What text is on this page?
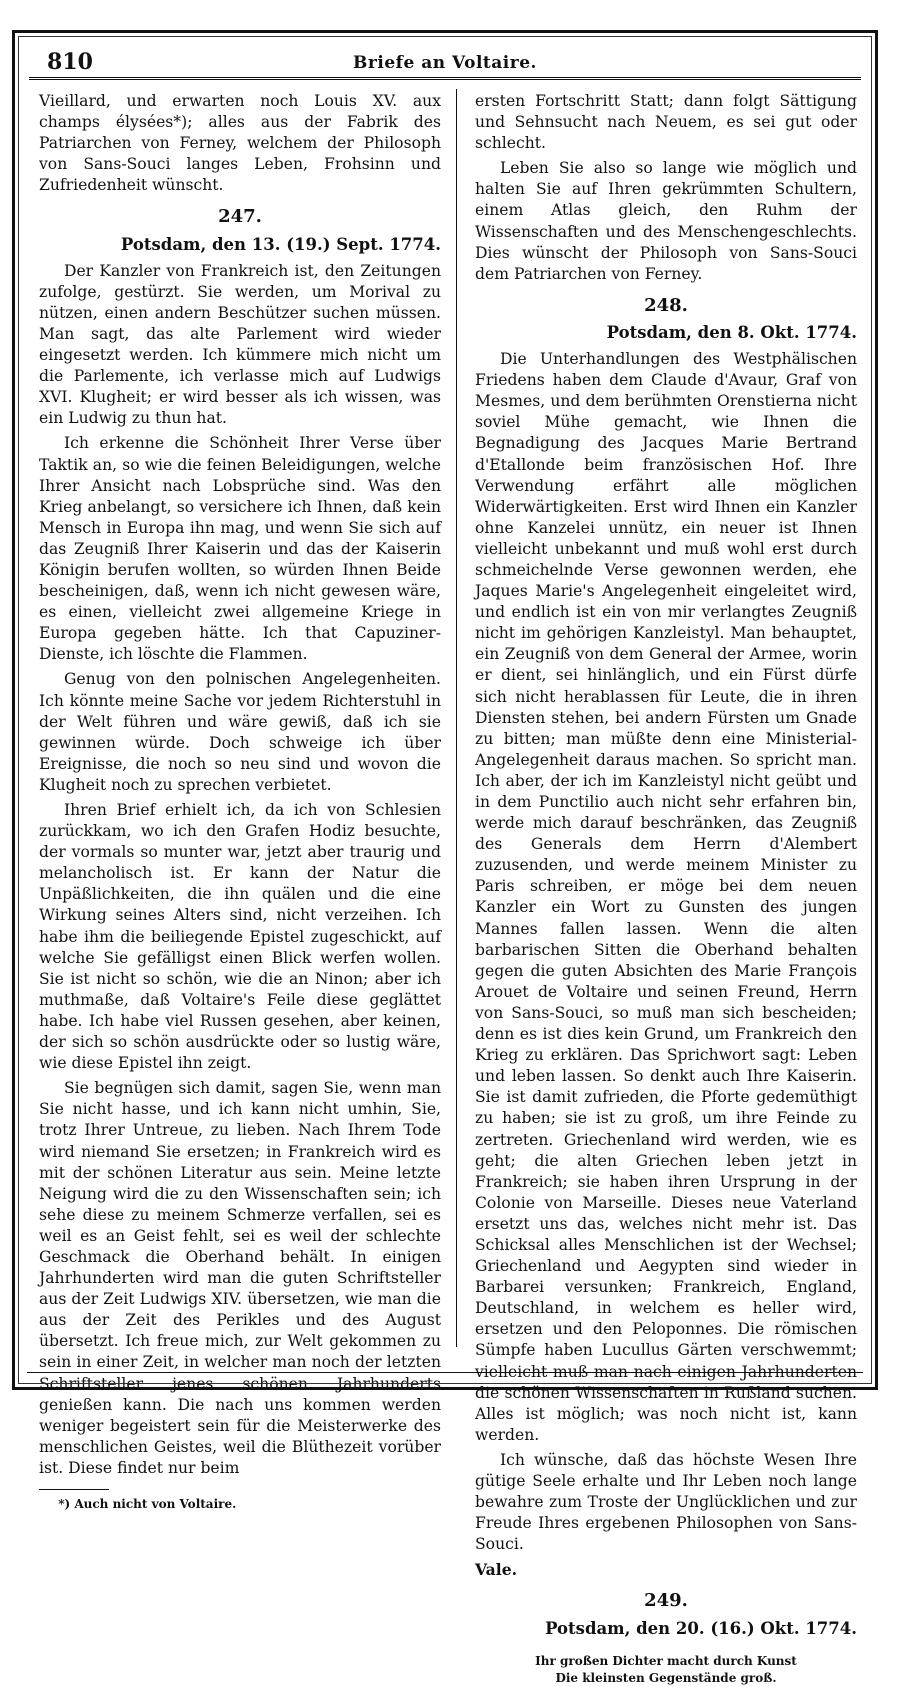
810	Briefe an Voltaire.

Vieillard, und erwarten noch Louis XV. aux champs élysées*); alles aus der Fabrik des Patriarchen von Ferney, welchem der Philosoph von Sans-Souci langes Leben, Frohsinn und Zufriedenheit wünscht.

247.
Potsdam, den 13. (19.) Sept. 1774.

Der Kanzler von Frankreich ist, den Zeitungen zufolge, gestürzt. Sie werden, um Morival zu nützen, einen andern Beschützer suchen müssen. Man sagt, das alte Parlement wird wieder eingesetzt werden. Ich kümmere mich nicht um die Parlemente, ich verlasse mich auf Ludwigs XVI. Klugheit; er wird besser als ich wissen, was ein Ludwig zu thun hat.

Ich erkenne die Schönheit Ihrer Verse über Taktik an, so wie die feinen Beleidigungen, welche Ihrer Ansicht nach Lobsprüche sind. Was den Krieg anbelangt, so versichere ich Ihnen, daß kein Mensch in Europa ihn mag, und wenn Sie sich auf das Zeugniß Ihrer Kaiserin und das der Kaiserin Königin berufen wollten, so würden Ihnen Beide bescheinigen, daß, wenn ich nicht gewesen wäre, es einen, vielleicht zwei allgemeine Kriege in Europa gegeben hätte. Ich that Capuziner-Dienste, ich löschte die Flammen.

Genug von den polnischen Angelegenheiten. Ich könnte meine Sache vor jedem Richterstuhl in der Welt führen und wäre gewiß, daß ich sie gewinnen würde. Doch schweige ich über Ereignisse, die noch so neu sind und wovon die Klugheit noch zu sprechen verbietet.

Ihren Brief erhielt ich, da ich von Schlesien zurückkam, wo ich den Grafen Hodiz besuchte, der vormals so munter war, jetzt aber traurig und melancholisch ist. Er kann der Natur die Unpäßlichkeiten, die ihn quälen und die eine Wirkung seines Alters sind, nicht verzeihen. Ich habe ihm die beiliegende Epistel zugeschickt, auf welche Sie gefälligst einen Blick werfen wollen. Sie ist nicht so schön, wie die an Ninon; aber ich muthmaße, daß Voltaire's Feile diese geglättet habe. Ich habe viel Russen gesehen, aber keinen, der sich so schön ausdrückte oder so lustig wäre, wie diese Epistel ihn zeigt.

Sie begnügen sich damit, sagen Sie, wenn man Sie nicht hasse, und ich kann nicht umhin, Sie, trotz Ihrer Untreue, zu lieben. Nach Ihrem Tode wird niemand Sie ersetzen; in Frankreich wird es mit der schönen Literatur aus sein. Meine letzte Neigung wird die zu den Wissenschaften sein; ich sehe diese zu meinem Schmerze verfallen, sei es weil es an Geist fehlt, sei es weil der schlechte Geschmack die Oberhand behält. In einigen Jahrhunderten wird man die guten Schriftsteller aus der Zeit Ludwigs XIV. übersetzen, wie man die aus der Zeit des Perikles und des August übersetzt. Ich freue mich, zur Welt gekommen zu sein in einer Zeit, in welcher man noch der letzten Schriftsteller jenes schönen Jahrhunderts genießen kann. Die nach uns kommen werden weniger begeistert sein für die Meisterwerke des menschlichen Geistes, weil die Blüthezeit vorüber ist. Diese findet nur beim

*) Auch nicht von Voltaire.

ersten Fortschritt Statt; dann folgt Sättigung und Sehnsucht nach Neuem, es sei gut oder schlecht.

Leben Sie also so lange wie möglich und halten Sie auf Ihren gekrümmten Schultern, einem Atlas gleich, den Ruhm der Wissenschaften und des Menschengeschlechts. Dies wünscht der Philosoph von Sans-Souci dem Patriarchen von Ferney.

248.
Potsdam, den 8. Okt. 1774.

Die Unterhandlungen des Westphälischen Friedens haben dem Claude d'Avaur, Graf von Mesmes, und dem berühmten Orenstierna nicht soviel Mühe gemacht, wie Ihnen die Begnadigung des Jacques Marie Bertrand d'Etallonde beim französischen Hof. Ihre Verwendung erfährt alle möglichen Widerwärtigkeiten. Erst wird Ihnen ein Kanzler ohne Kanzelei unnütz, ein neuer ist Ihnen vielleicht unbekannt und muß wohl erst durch schmeichelnde Verse gewonnen werden, ehe Jaques Marie's Angelegenheit eingeleitet wird, und endlich ist ein von mir verlangtes Zeugniß nicht im gehörigen Kanzleistyl. Man behauptet, ein Zeugniß von dem General der Armee, worin er dient, sei hinlänglich, und ein Fürst dürfe sich nicht herablassen für Leute, die in ihren Diensten stehen, bei andern Fürsten um Gnade zu bitten; man müßte denn eine Ministerial-Angelegenheit daraus machen. So spricht man. Ich aber, der ich im Kanzleistyl nicht geübt und in dem Punctilio auch nicht sehr erfahren bin, werde mich darauf beschränken, das Zeugniß des Generals dem Herrn d'Alembert zuzusenden, und werde meinem Minister zu Paris schreiben, er möge bei dem neuen Kanzler ein Wort zu Gunsten des jungen Mannes fallen lassen. Wenn die alten barbarischen Sitten die Oberhand behalten gegen die guten Absichten des Marie François Arouet de Voltaire und seinen Freund, Herrn von Sans-Souci, so muß man sich bescheiden; denn es ist dies kein Grund, um Frankreich den Krieg zu erklären. Das Sprichwort sagt: Leben und leben lassen. So denkt auch Ihre Kaiserin. Sie ist damit zufrieden, die Pforte gedemüthigt zu haben; sie ist zu groß, um ihre Feinde zu zertreten. Griechenland wird werden, wie es geht; die alten Griechen leben jetzt in Frankreich; sie haben ihren Ursprung in der Colonie von Marseille. Dieses neue Vaterland ersetzt uns das, welches nicht mehr ist. Das Schicksal alles Menschlichen ist der Wechsel; Griechenland und Aegypten sind wieder in Barbarei versunken; Frankreich, England, Deutschland, in welchem es heller wird, ersetzen und den Peloponnes. Die römischen Sümpfe haben Lucullus Gärten verschwemmt; vielleicht muß man nach einigen Jahrhunderten die schönen Wissenschaften in Rußland suchen. Alles ist möglich; was noch nicht ist, kann werden.

Ich wünsche, daß das höchste Wesen Ihre gütige Seele erhalte und Ihr Leben noch lange bewahre zum Troste der Unglücklichen und zur Freude Ihres ergebenen Philosophen von Sans-Souci.

Vale.

249.
Potsdam, den 20. (16.) Okt. 1774.
Ihr großen Dichter macht durch Kunst
Die kleinsten Gegenstände groß.
